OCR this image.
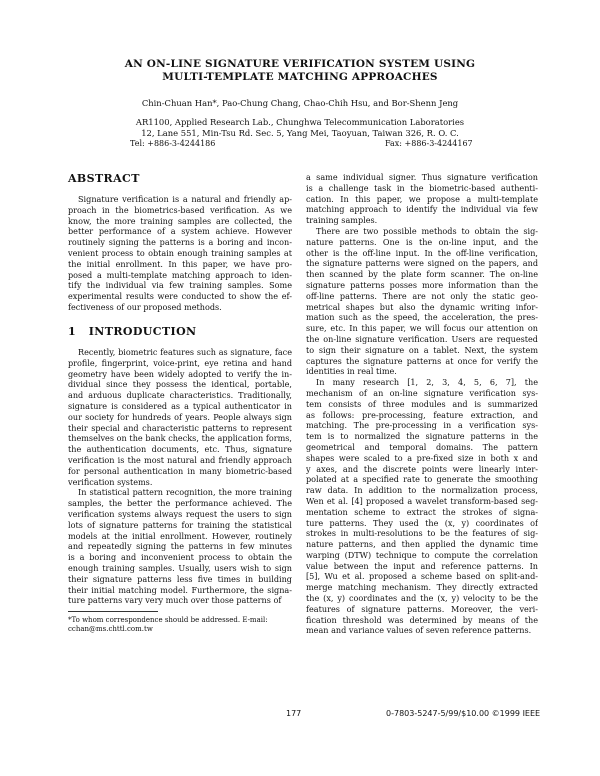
AN ON-LINE SIGNATURE VERIFICATION SYSTEM USING
MULTI-TEMPLATE MATCHING APPROACHES
Chin-Chuan Han*, Pao-Chung Chang, Chao-Chih Hsu, and Bor-Shenn Jeng
AR1100, Applied Research Lab., Chunghwa Telecommunication Laboratories
12, Lane 551, Min-Tsu Rd. Sec. 5, Yang Mei, Taoyuan, Taiwan 326, R. O. C.
Tel: +886-3-4244186	Fax: +886-3-4244167
ABSTRACT
Signature verification is a natural and friendly ap-
proach in the biometrics-based verification. As we
know, the more training samples are collected, the
better performance of a system achieve. However
routinely signing the patterns is a boring and incon-
venient process to obtain enough training samples at
the initial enrollment. In this paper, we have pro-
posed a multi-template matching approach to iden-
tify the individual via few training samples. Some
experimental results were conducted to show the ef-
fectiveness of our proposed methods.
1   INTRODUCTION
Recently, biometric features such as signature, face
profile, fingerprint, voice-print, eye retina and hand
geometry have been widely adopted to verify the in-
dividual since they possess the identical, portable,
and arduous duplicate characteristics. Traditionally,
signature is considered as a typical authenticator in
our society for hundreds of years. People always sign
their special and characteristic patterns to represent
themselves on the bank checks, the application forms,
the authentication documents, etc. Thus, signature
verification is the most natural and friendly approach
for personal authentication in many biometric-based
verification systems.
In statistical pattern recognition, the more training
samples, the better the performance achieved. The
verification systems always request the users to sign
lots of signature patterns for training the statistical
models at the initial enrollment. However, routinely
and repeatedly signing the patterns in few minutes
is a boring and inconvenient process to obtain the
enough training samples. Usually, users wish to sign
their signature patterns less five times in building
their initial matching model. Furthermore, the signa-
ture patterns vary very much over those patterns of
*To whom correspondence should be addressed. E-mail:
cchan@ms.chttl.com.tw
a same individual signer. Thus signature verification
is a challenge task in the biometric-based authenti-
cation. In this paper, we propose a multi-template
matching approach to identify the individual via few
training samples.
There are two possible methods to obtain the sig-
nature patterns. One is the on-line input, and the
other is the off-line input. In the off-line verification,
the signature patterns were signed on the papers, and
then scanned by the plate form scanner. The on-line
signature patterns posses more information than the
off-line patterns. There are not only the static geo-
metrical shapes but also the dynamic writing infor-
mation such as the speed, the acceleration, the pres-
sure, etc. In this paper, we will focus our attention on
the on-line signature verification. Users are requested
to sign their signature on a tablet. Next, the system
captures the signature patterns at once for verify the
identities in real time.
In many research [1, 2, 3, 4, 5, 6, 7], the
mechanism of an on-line signature verification sys-
tem consists of three modules and is summarized
as follows: pre-processing, feature extraction, and
matching. The pre-processing in a verification sys-
tem is to normalized the signature patterns in the
geometrical and temporal domains. The pattern
shapes were scaled to a pre-fixed size in both x and
y axes, and the discrete points were linearly inter-
polated at a specified rate to generate the smoothing
raw data. In addition to the normalization process,
Wen et al. [4] proposed a wavelet transform-based seg-
mentation scheme to extract the strokes of signa-
ture patterns. They used the (x, y) coordinates of
strokes in multi-resolutions to be the features of sig-
nature patterns, and then applied the dynamic time
warping (DTW) technique to compute the correlation
value between the input and reference patterns. In
[5], Wu et al. proposed a scheme based on split-and-
merge matching mechanism. They directly extracted
the (x, y) coordinates and the (x, y) velocity to be the
features of signature patterns. Moreover, the veri-
fication threshold was determined by means of the
mean and variance values of seven reference patterns.
177	0-7803-5247-5/99/$10.00 ©1999 IEEE
